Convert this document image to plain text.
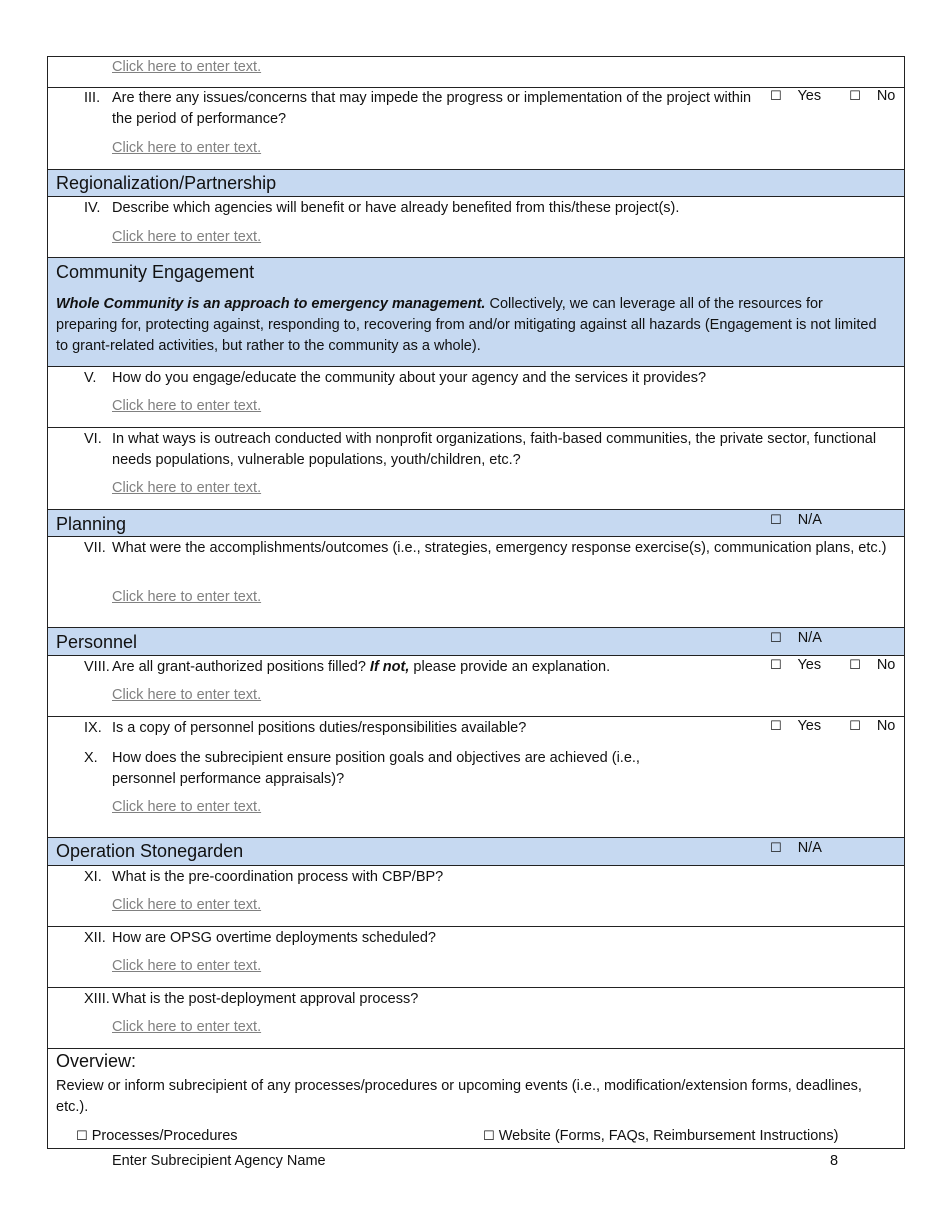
Click here to enter text.
III. Are there any issues/concerns that may impede the progress or implementation of the project within the period of performance?
☐ Yes ☐ No
Click here to enter text.
Regionalization/Partnership
IV. Describe which agencies will benefit or have already benefited from this/these project(s).
Click here to enter text.
Community Engagement
Whole Community is an approach to emergency management. Collectively, we can leverage all of the resources for preparing for, protecting against, responding to, recovering from and/or mitigating against all hazards (Engagement is not limited to grant-related activities, but rather to the community as a whole).
V.	How do you engage/educate the community about your agency and the services it provides?
Click here to enter text.
VI. In what ways is outreach conducted with nonprofit organizations, faith-based communities, the private sector, functional needs populations, vulnerable populations, youth/children, etc.?
Click here to enter text.
Planning	☐ N/A
VII. What were the accomplishments/outcomes (i.e., strategies, emergency response exercise(s), communication plans, etc.)
Click here to enter text.
Personnel	☐ N/A
VIII. Are all grant-authorized positions filled? If not, please provide an explanation.	☐ Yes ☐ No
Click here to enter text.
IX. Is a copy of personnel positions duties/responsibilities available?	☐ Yes ☐ No
X. How does the subrecipient ensure position goals and objectives are achieved (i.e., personnel performance appraisals)?
Click here to enter text.
Operation Stonegarden	☐ N/A
XI. What is the pre-coordination process with CBP/BP?
Click here to enter text.
XII. How are OPSG overtime deployments scheduled?
Click here to enter text.
XIII. What is the post-deployment approval process?
Click here to enter text.
Overview:
Review or inform subrecipient of any processes/procedures or upcoming events (i.e., modification/extension forms, deadlines, etc.).
☐ Processes/Procedures	☐ Website (Forms, FAQs, Reimbursement Instructions)
Enter Subrecipient Agency Name	8
